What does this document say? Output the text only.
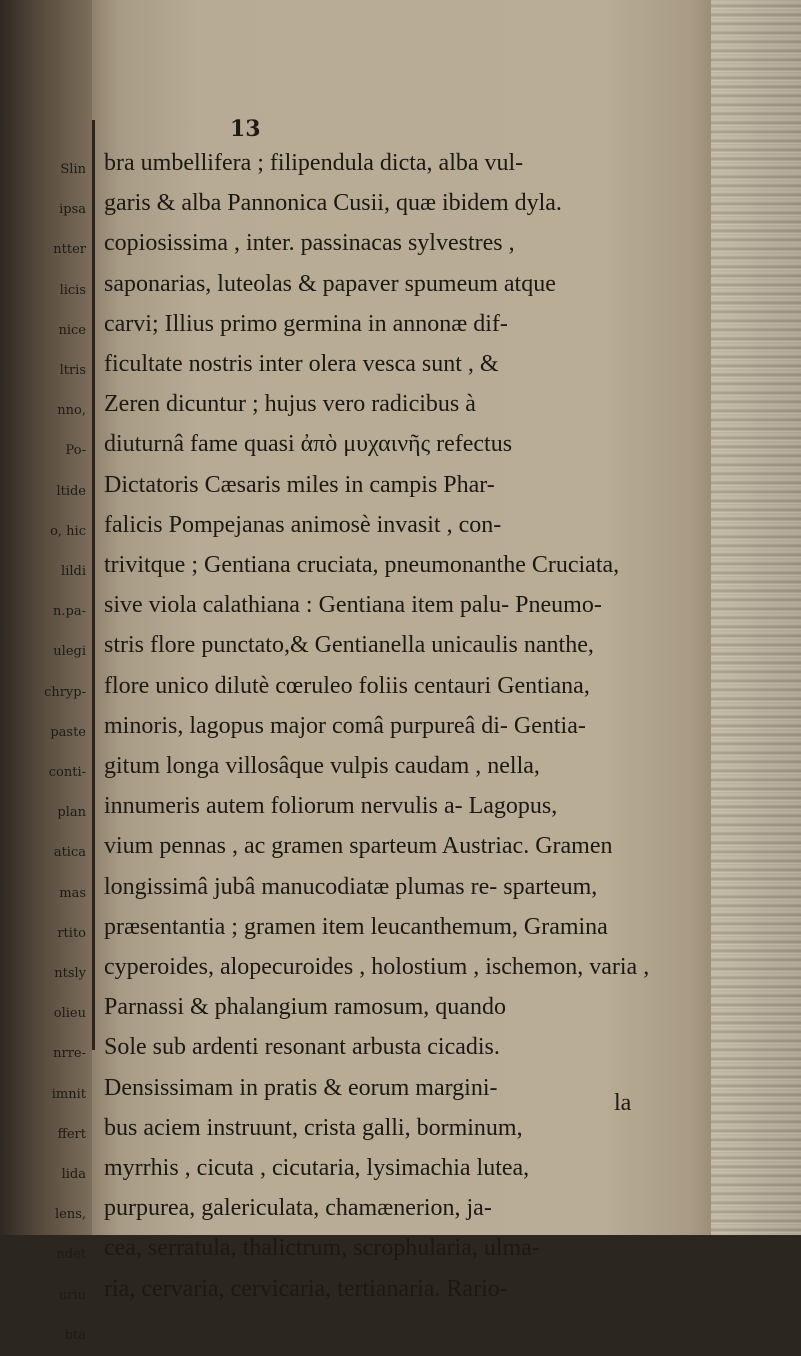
Slin
ipsa
ntter
licis
nice
ltris
nno,
Po-
ltide
o, hic
lildi
n.pa-
ulegi
chryp-
paste
conti-
plan
atica
mas
rtito
ntsly
olieu
nrre-
imnit
ffert
lida
lens,
ndet
uriu
bta
13
bra umbellifera ; filipendula dicta, alba vul-
garis & alba Pannonica Cusii, quæ ibidem dyla.
copiosissima , inter. passinacas sylvestres ,
saponarias, luteolas & papaver spumeum atque
carvi; Illius primo germina in annonæ dif-
ficultate nostris inter olera vesca sunt , &
Zeren dicuntur ; hujus vero radicibus à
diuturnâ fame quasi ἀπὸ μυχαινῆς refectus
Dictatoris Cæsaris miles in campis Phar-
falicis Pompejanas animosè invasit , con-
trivitque ; Gentiana cruciata, pneumonanthe Cruciata,
sive viola calathiana : Gentiana item palu- Pneumo-
stris flore punctato,& Gentianella unicaulis nanthe,
flore unico dilutè cœruleo foliis centauri Gentiana,
minoris, lagopus major comâ purpureâ di- Gentia-
gitum longa villosâque vulpis caudam , nella,
innumeris autem foliorum nervulis a- Lagopus,
vium pennas , ac gramen sparteum Austriac. Gramen
longissimâ jubâ manucodiatæ plumas re- sparteum,
præsentantia ; gramen item leucanthemum, Gramina
cyperoides, alopecuroides , holostium , ischemon, varia ,
Parnassi & phalangium ramosum, quando
Sole sub ardenti resonant arbusta cicadis.
Densissimam in pratis & eorum margini-
bus aciem instruunt, crista galli, borminum,
myrrhis , cicuta , cicutaria, lysimachia lutea,
purpurea, galericulata, chamænerion, ja-
cea, serratula, thalictrum, scrophularia, ulma-
ria, cervaria, cervicaria, tertianaria. Rario-
la
